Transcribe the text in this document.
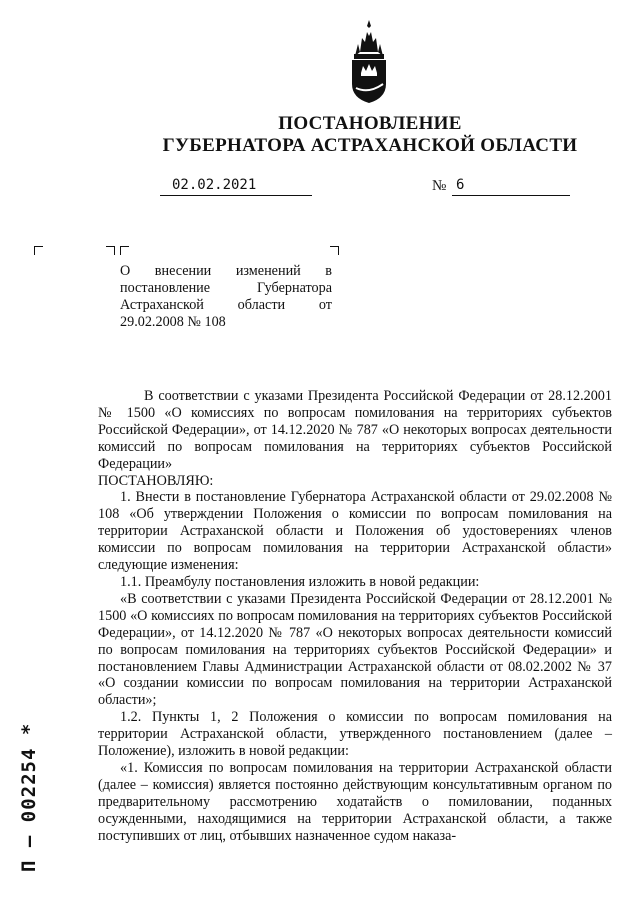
ПОСТАНОВЛЕНИЕ
ГУБЕРНАТОРА АСТРАХАНСКОЙ ОБЛАСТИ
02.02.2021	№ 6
О внесении изменений в постановление Губернатора Астраханской области от 29.02.2008 № 108
П – 002254 *

В соответствии с указами Президента Российской Федерации от 28.12.2001 № 1500 «О комиссиях по вопросам помилования на территориях субъектов Российской Федерации», от 14.12.2020 № 787 «О некоторых вопросах деятельности комиссий по вопросам помилования на территориях субъектов Российской Федерации»

ПОСТАНОВЛЯЮ:

1. Внести в постановление Губернатора Астраханской области от 29.02.2008 № 108 «Об утверждении Положения о комиссии по вопросам помилования на территории Астраханской области и Положения об удостоверениях членов комиссии по вопросам помилования на территории Астраханской области» следующие изменения:

1.1. Преамбулу постановления изложить в новой редакции:

«В соответствии с указами Президента Российской Федерации от 28.12.2001 № 1500 «О комиссиях по вопросам помилования на территориях субъектов Российской Федерации», от 14.12.2020 № 787 «О некоторых вопросах деятельности комиссий по вопросам помилования на территориях субъектов Российской Федерации» и постановлением Главы Администрации Астраханской области от 08.02.2002 № 37 «О создании комиссии по вопросам помилования на территории Астраханской области»;

1.2. Пункты 1, 2 Положения о комиссии по вопросам помилования на территории Астраханской области, утвержденного постановлением (далее – Положение), изложить в новой редакции:

«1. Комиссия по вопросам помилования на территории Астраханской области (далее – комиссия) является постоянно действующим консультативным органом по предварительному рассмотрению ходатайств о помиловании, поданных осужденными, находящимися на территории Астраханской области, а также поступивших от лиц, отбывших назначенное судом наказа-
